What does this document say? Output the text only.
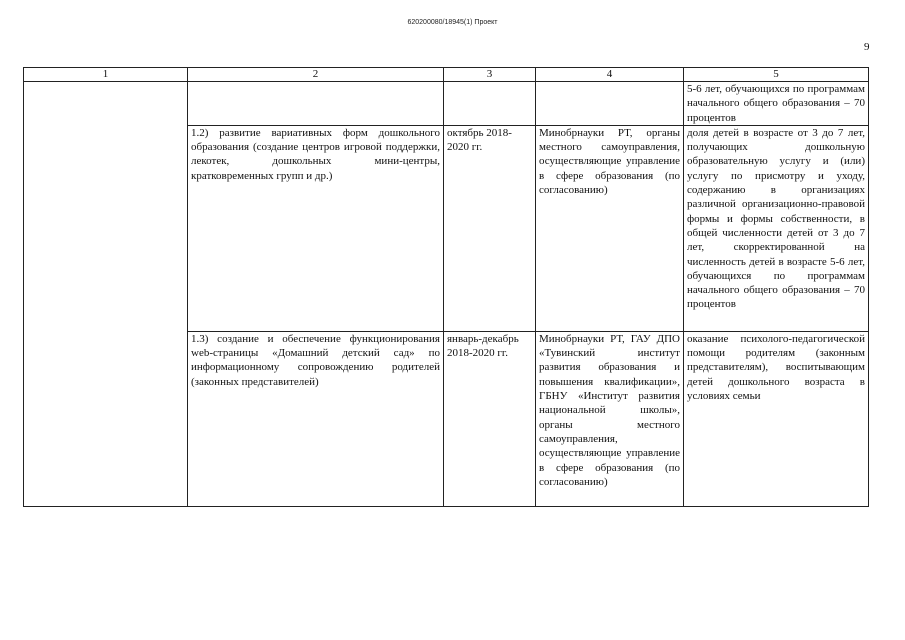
620200080/18945(1) Проект
9
1	2	3	4	5
				5-6 лет, обучающихся по программам начального общего образования – 70 процентов
	1.2) развитие вариативных форм дошкольного образования (создание центров игровой поддержки, лекотек, дошкольных мини-центры, кратковременных групп и др.)	октябрь 2018-2020 гг.	Минобрнауки РТ, органы местного самоуправления, осуществляющие управление в сфере образования (по согласованию)	доля детей в возрасте от 3 до 7 лет, получающих дошкольную образовательную услугу и (или) услугу по присмотру и уходу, содержанию в организациях различной организационно-правовой формы и формы собственности, в общей численности детей от 3 до 7 лет, скорректированной на численность детей в возрасте 5-6 лет, обучающихся по программам начального общего образования – 70 процентов
	1.3) создание и обеспечение функционирования web-страницы «Домашний детский сад» по информационному сопровождению родителей (законных представителей)	январь-декабрь 2018-2020 гг.	Минобрнауки РТ, ГАУ ДПО «Тувинский институт развития образования и повышения квалификации», ГБНУ «Институт развития национальной школы», органы местного самоуправления, осуществляющие управление в сфере образования (по согласованию)	оказание психолого-педагогической помощи родителям (законным представителям), воспитывающим детей дошкольного возраста в условиях семьи
